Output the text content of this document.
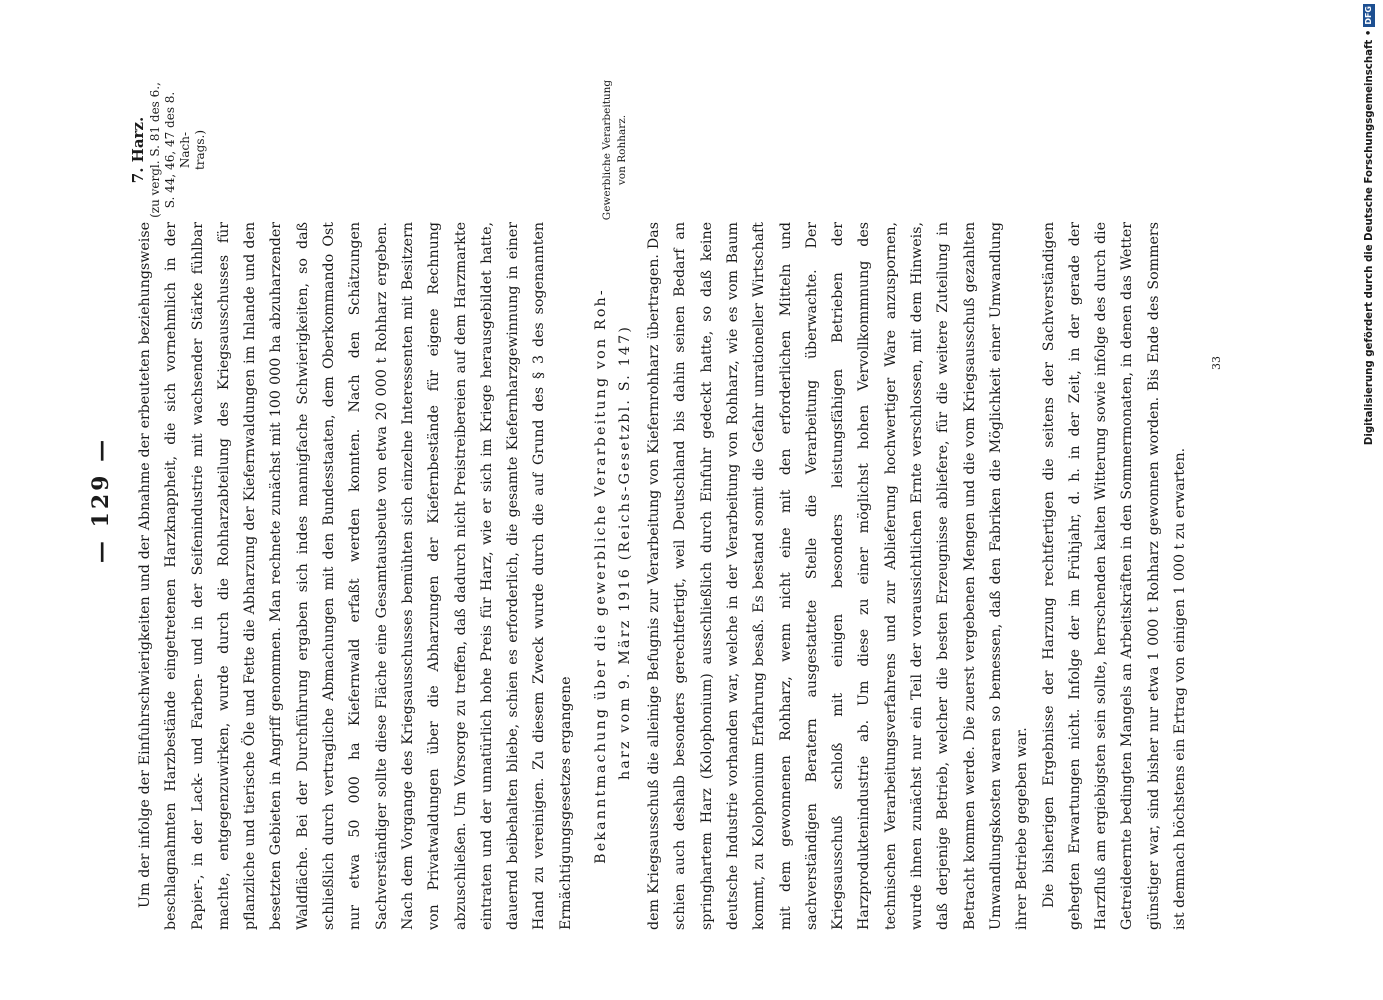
— 129 —	Um der infolge der Einfuhrschwierigkeiten und der Abnahme der erbeuteten beziehungsweise beschlagnahmten Harzbestände eingetretenen Harzknappheit, die sich vornehmlich in der Papier-, in der Lack- und Farben- und in der Seifenindustrie mit wachsender Stärke fühlbar machte, entgegenzuwirken, wurde durch die Rohharzabteilung des Kriegsausschusses für pflanzliche und tierische Öle und Fette die Abharzung der Kiefernwaldungen im Inlande und den besetzten Gebieten in Angriff genommen. Man rechnete zunächst mit 100 000 ha abzuharzender Waldfläche. Bei der Durchführung ergaben sich indes mannigfache Schwierigkeiten, so daß schließlich durch vertragliche Abmachungen mit den Bundesstaaten, dem Oberkommando Ost nur etwa 50 000 ha Kiefernwald erfaßt werden konnten. Nach den Schätzungen Sachverständiger sollte diese Fläche eine Gesamtausbeute von etwa 20 000 t Rohharz ergeben. Nach dem Vorgange des Kriegsausschusses bemühten sich einzelne Interessenten mit Besitzern von Privatwaldungen über die Abharzungen der Kiefernbestände für eigene Rechnung abzuschließen. Um Vorsorge zu treffen, daß dadurch nicht Preistreibereien auf dem Harzmarkte eintraten und der unnatürlich hohe Preis für Harz, wie er sich im Kriege herausgebildet hatte, dauernd beibehalten bliebe, schien es erforderlich, die gesamte Kiefernharzgewinnung in einer Hand zu vereinigen. Zu diesem Zweck wurde durch die auf Grund des § 3 des sogenannten Ermächtigungsgesetzes ergangene	Bekanntmachung über die gewerbliche Verarbeitung von Roh- harz vom 9. März 1916 (Reichs-Gesetzbl. S. 147) dem Kriegsausschuß die alleinige Befugnis zur Verarbeitung von Kiefernrohharz übertragen. Das schien auch deshalb besonders gerechtfertigt, weil Deutschland bis dahin seinen Bedarf an springhartem Harz (Kolophonium) ausschließlich durch Einfuhr gedeckt hatte, so daß keine deutsche Industrie vorhanden war, welche in der Verarbeitung von Rohharz, wie es vom Baum kommt, zu Kolophonium Erfahrung besaß. Es bestand somit die Gefahr unrationeller Wirtschaft mit dem gewonnenen Rohharz, wenn nicht eine mit den erforderlichen Mitteln und sachverständigen Beratern ausgestattete Stelle die Verarbeitung überwachte. Der Kriegsausschuß schloß mit einigen besonders leistungsfähigen Betrieben der Harzproduktenindustrie ab. Um diese zu einer möglichst hohen Vervollkommnung des technischen Verarbeitungsverfahrens und zur Ablieferung hochwertiger Ware anzuspornen, wurde ihnen zunächst nur ein Teil der voraussichtlichen Ernte verschlossen, mit dem Hinweis, daß derjenige Betrieb, welcher die besten Erzeugnisse abliefere, für die weitere Zuteilung in Betracht kommen werde. Die zuerst vergebenen Mengen und die vom Kriegsausschuß gezahlten Umwandlungskosten waren so bemessen, daß den Fabriken die Möglichkeit einer Umwandlung ihrer Betriebe gegeben war. Die bisherigen Ergebnisse der Harzung rechtfertigen die seitens der Sachverständigen gehegten Erwartungen nicht. Infolge der im Frühjahr, d. h. in der Zeit, in der gerade der Harzfluß am ergiebigsten sein sollte, herrschenden kalten Witterung sowie infolge des durch die Getreideernte bedingten Mangels an Arbeitskräften in den Sommermonaten, in denen das Wetter günstiger war, sind bisher nur etwa 1 000 t Rohharz gewonnen worden. Bis Ende des Sommers ist demnach höchstens ein Ertrag von einigen 1 000 t zu erwarten.

7. Harz. (zu vergl. S. 81 des 6., S. 44, 46, 47 des 8. Nach- trags.)	Gewerbliche Verarbeitung von Rohharz.
33	Digitalisierung gefördert durch die Deutsche Forschungsgemeinschaft •
DFG
